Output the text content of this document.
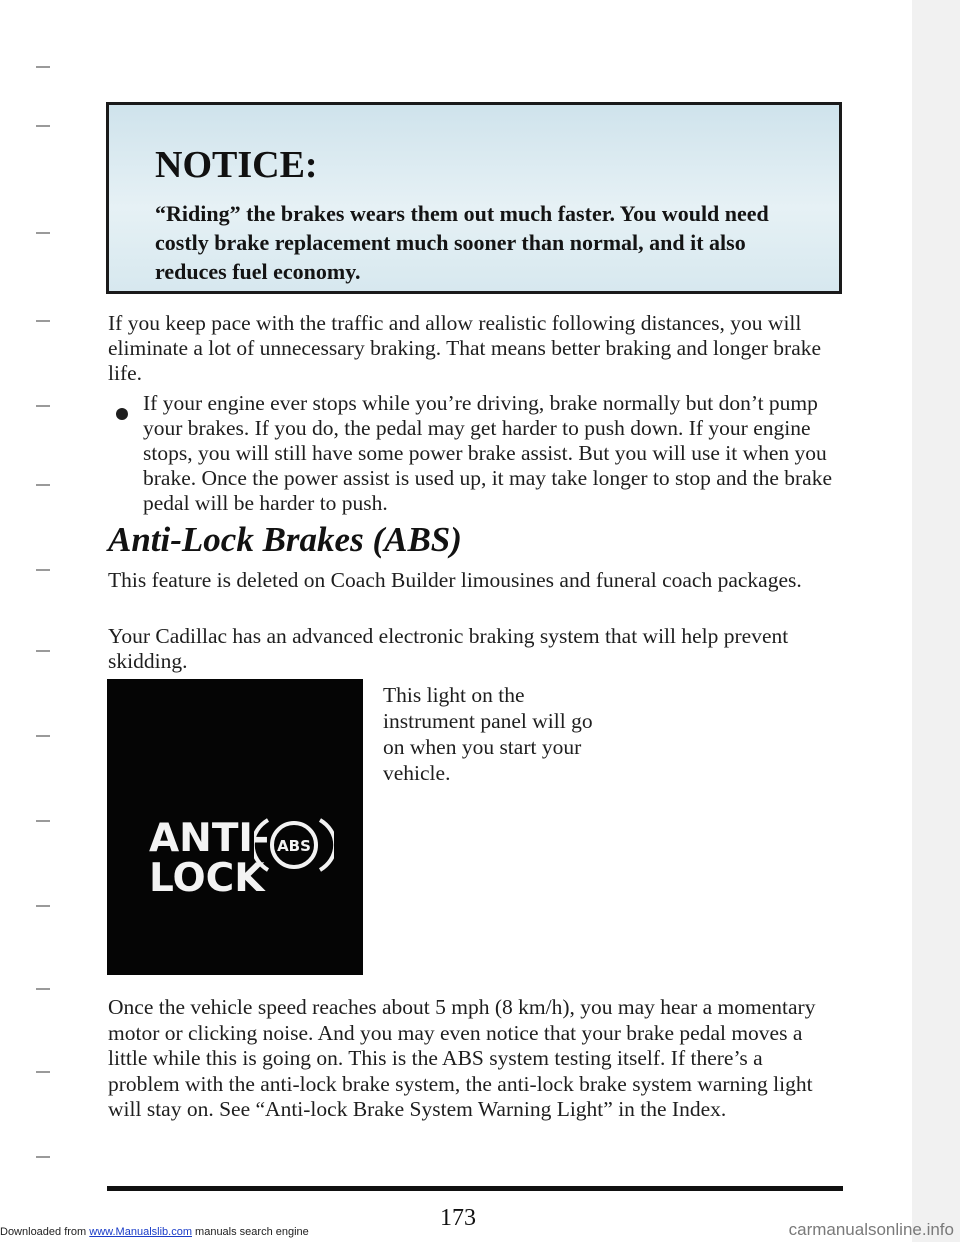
NOTICE:

“Riding” the brakes wears them out much faster. You would need costly brake replacement much sooner than normal, and it also reduces fuel economy.

If you keep pace with the traffic and allow realistic following distances, you will eliminate a lot of unnecessary braking. That means better braking and longer brake life.

If your engine ever stops while you’re driving, brake normally but don’t pump your brakes. If you do, the pedal may get harder to push down. If your engine stops, you will still have some power brake assist. But you will use it when you brake. Once the power assist is used up, it may take longer to stop and the brake pedal will be harder to push.

Anti-Lock Brakes (ABS)

This feature is deleted on Coach Builder limousines and funeral coach packages.

Your Cadillac has an advanced electronic braking system that will help prevent skidding.

ANTI-
LOCK

ABS

This light on the instrument panel will go on when you start your vehicle.

Once the vehicle speed reaches about 5 mph (8 km/h), you may hear a momentary motor or clicking noise. And you may even notice that your brake pedal moves a little while this is going on. This is the ABS system testing itself. If there’s a problem with the anti-lock brake system, the anti-lock brake system warning light will stay on. See “Anti-lock Brake System Warning Light” in the Index.

173

Downloaded from www.Manualslib.com manuals search engine	carmanualsonline.info
